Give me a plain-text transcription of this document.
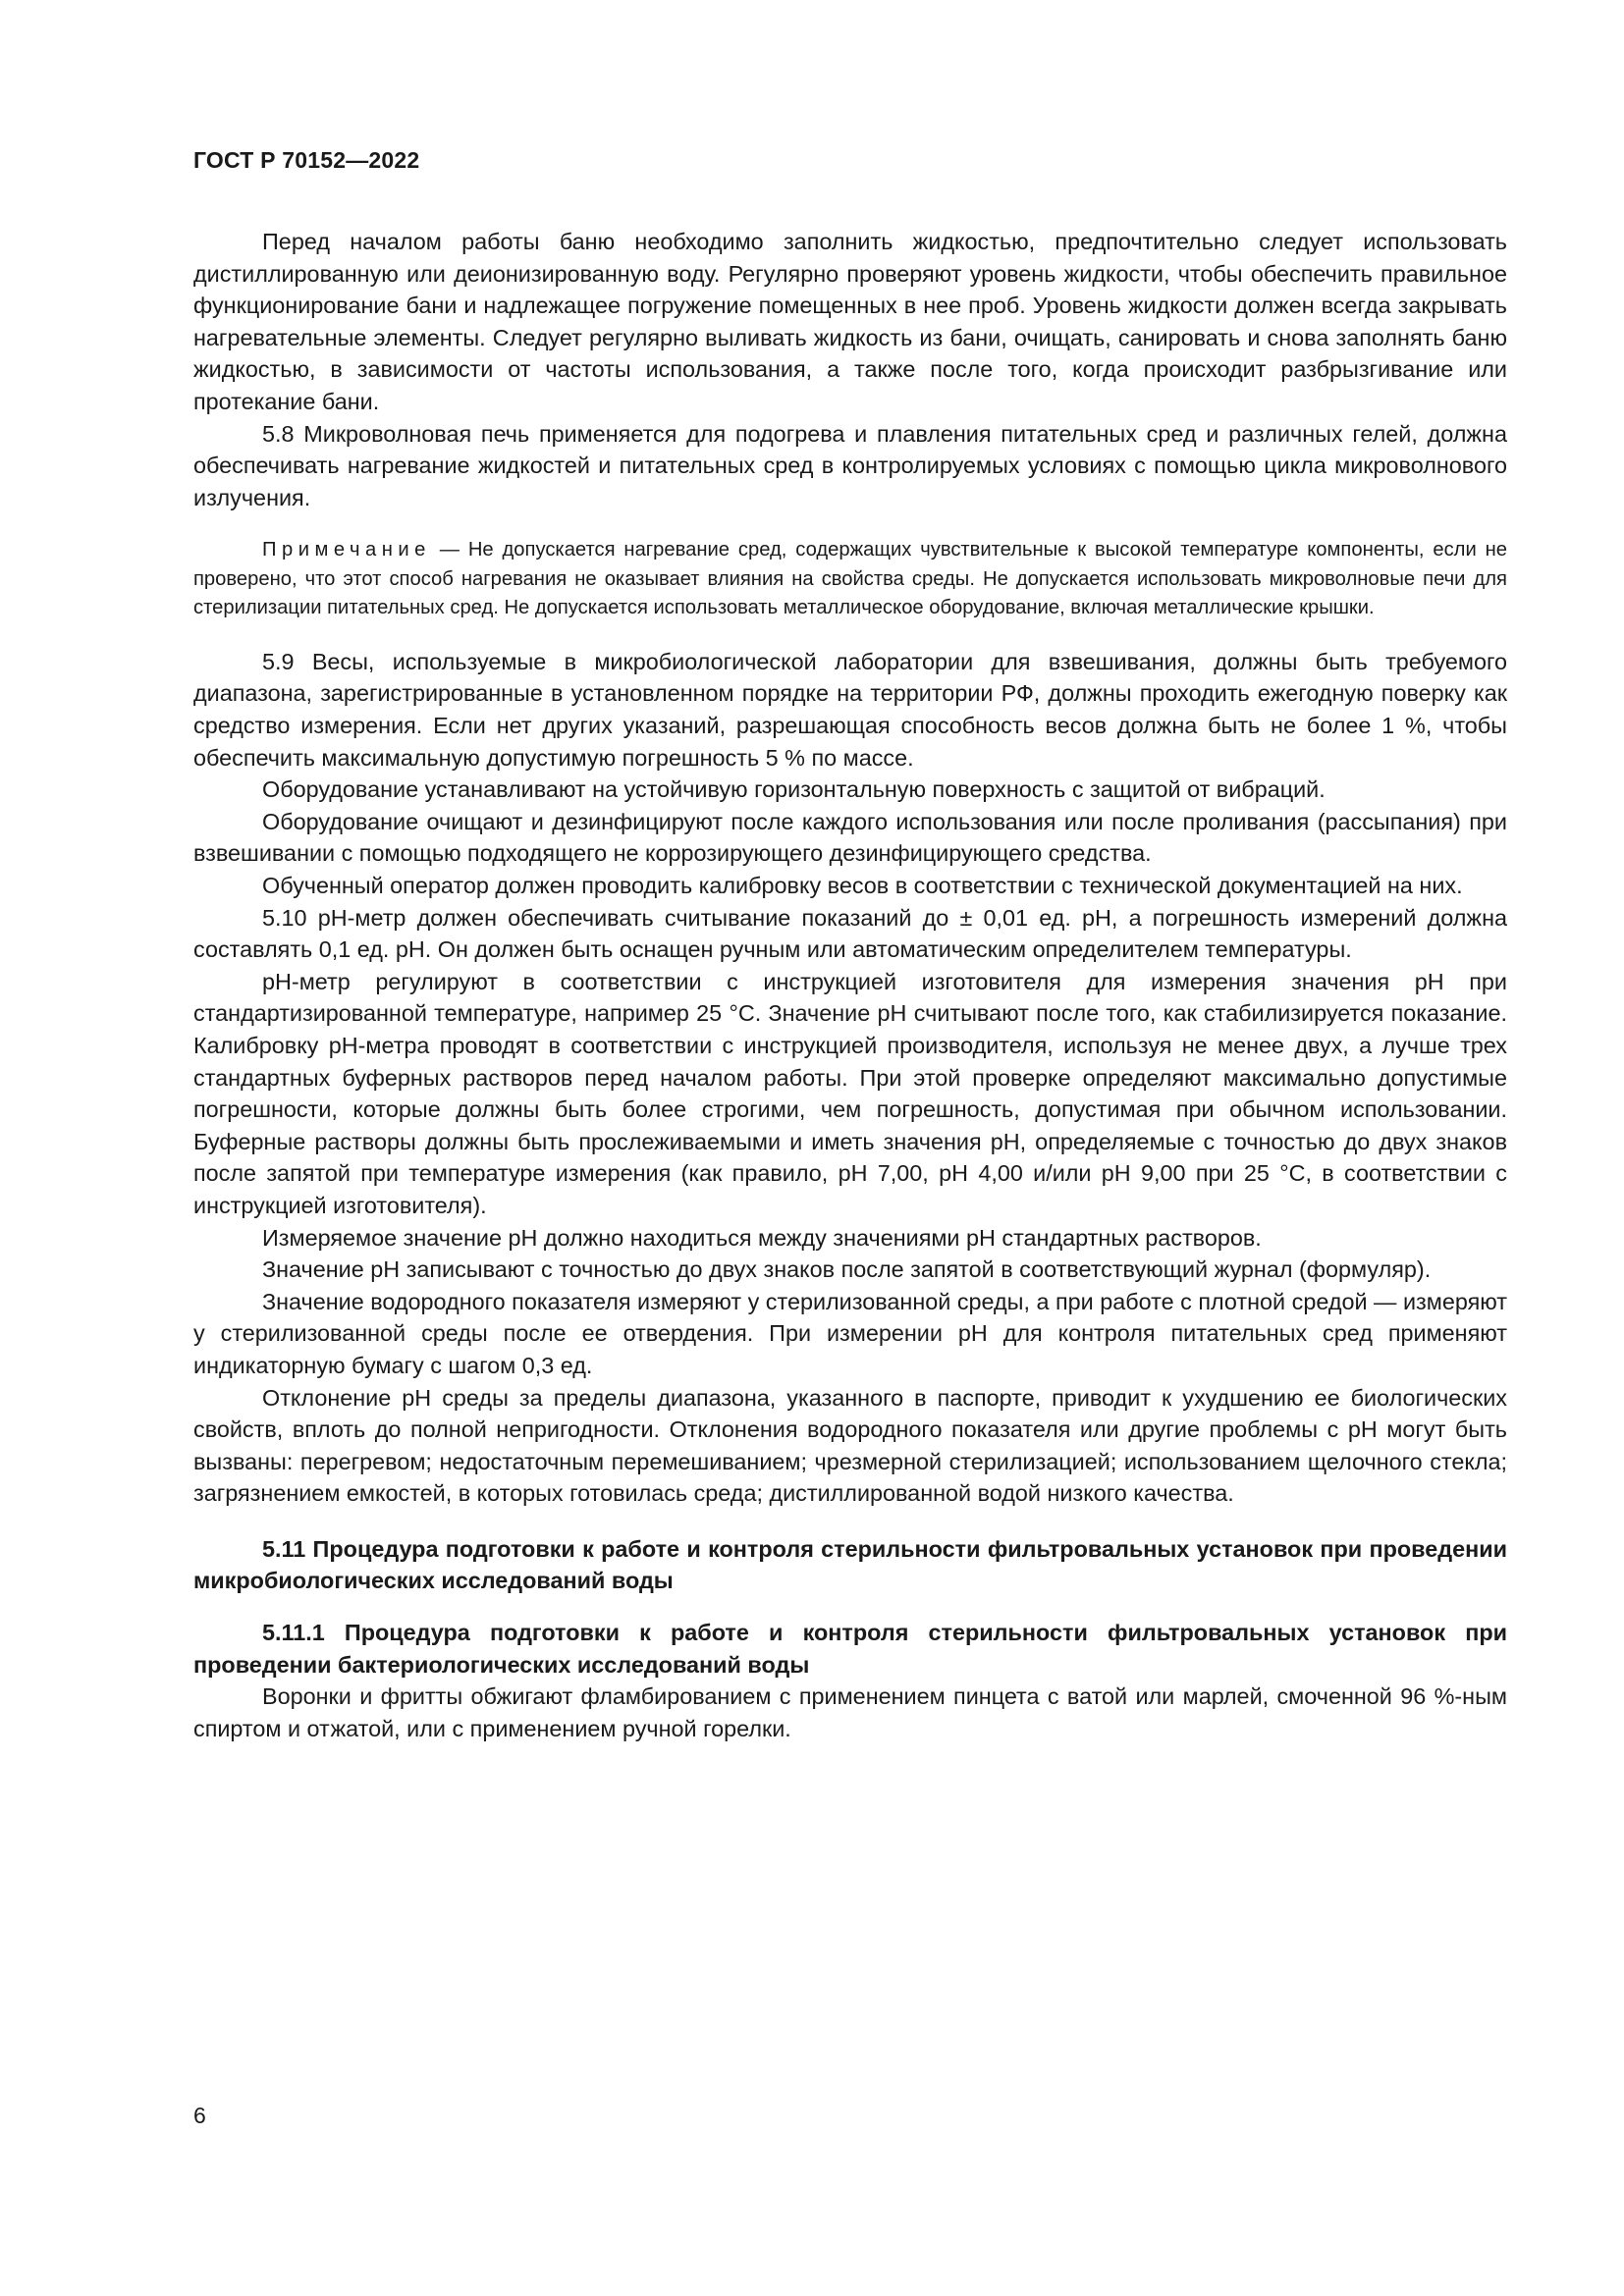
ГОСТ Р 70152—2022

Перед началом работы баню необходимо заполнить жидкостью, предпочтительно следует использовать дистиллированную или деионизированную воду. Регулярно проверяют уровень жидкости, чтобы обеспечить правильное функционирование бани и надлежащее погружение помещенных в нее проб. Уровень жидкости должен всегда закрывать нагревательные элементы. Следует регулярно выливать жидкость из бани, очищать, санировать и снова заполнять баню жидкостью, в зависимости от частоты использования, а также после того, когда происходит разбрызгивание или протекание бани.

5.8 Микроволновая печь применяется для подогрева и плавления питательных сред и различных гелей, должна обеспечивать нагревание жидкостей и питательных сред в контролируемых условиях с помощью цикла микроволнового излучения.

Примечание — Не допускается нагревание сред, содержащих чувствительные к высокой температуре компоненты, если не проверено, что этот способ нагревания не оказывает влияния на свойства среды. Не допускается использовать микроволновые печи для стерилизации питательных сред. Не допускается использовать металлическое оборудование, включая металлические крышки.

5.9 Весы, используемые в микробиологической лаборатории для взвешивания, должны быть требуемого диапазона, зарегистрированные в установленном порядке на территории РФ, должны проходить ежегодную поверку как средство измерения. Если нет других указаний, разрешающая способность весов должна быть не более 1 %, чтобы обеспечить максимальную допустимую погрешность 5 % по массе.

Оборудование устанавливают на устойчивую горизонтальную поверхность с защитой от вибраций.

Оборудование очищают и дезинфицируют после каждого использования или после проливания (рассыпания) при взвешивании с помощью подходящего не коррозирующего дезинфицирующего средства.

Обученный оператор должен проводить калибровку весов в соответствии с технической документацией на них.

5.10 рН-метр должен обеспечивать считывание показаний до ± 0,01 ед. рН, а погрешность измерений должна составлять 0,1 ед. рН. Он должен быть оснащен ручным или автоматическим определителем температуры.

рН-метр регулируют в соответствии с инструкцией изготовителя для измерения значения рН при стандартизированной температуре, например 25 °С. Значение рН считывают после того, как стабилизируется показание. Калибровку рН-метра проводят в соответствии с инструкцией производителя, используя не менее двух, а лучше трех стандартных буферных растворов перед началом работы. При этой проверке определяют максимально допустимые погрешности, которые должны быть более строгими, чем погрешность, допустимая при обычном использовании. Буферные растворы должны быть прослеживаемыми и иметь значения рН, определяемые с точностью до двух знаков после запятой при температуре измерения (как правило, рН 7,00, рН 4,00 и/или рН 9,00 при 25 °С, в соответствии с инструкцией изготовителя).

Измеряемое значение рН должно находиться между значениями рН стандартных растворов.

Значение рН записывают с точностью до двух знаков после запятой в соответствующий журнал (формуляр).

Значение водородного показателя измеряют у стерилизованной среды, а при работе с плотной средой — измеряют у стерилизованной среды после ее отвердения. При измерении рН для контроля питательных сред применяют индикаторную бумагу с шагом 0,3 ед.

Отклонение рН среды за пределы диапазона, указанного в паспорте, приводит к ухудшению ее биологических свойств, вплоть до полной непригодности. Отклонения водородного показателя или другие проблемы с рН могут быть вызваны: перегревом; недостаточным перемешиванием; чрезмерной стерилизацией; использованием щелочного стекла; загрязнением емкостей, в которых готовилась среда; дистиллированной водой низкого качества.

5.11 Процедура подготовки к работе и контроля стерильности фильтровальных установок при проведении микробиологических исследований воды

5.11.1 Процедура подготовки к работе и контроля стерильности фильтровальных установок при проведении бактериологических исследований воды

Воронки и фритты обжигают фламбированием с применением пинцета с ватой или марлей, смоченной 96 %-ным спиртом и отжатой, или с применением ручной горелки.

6
